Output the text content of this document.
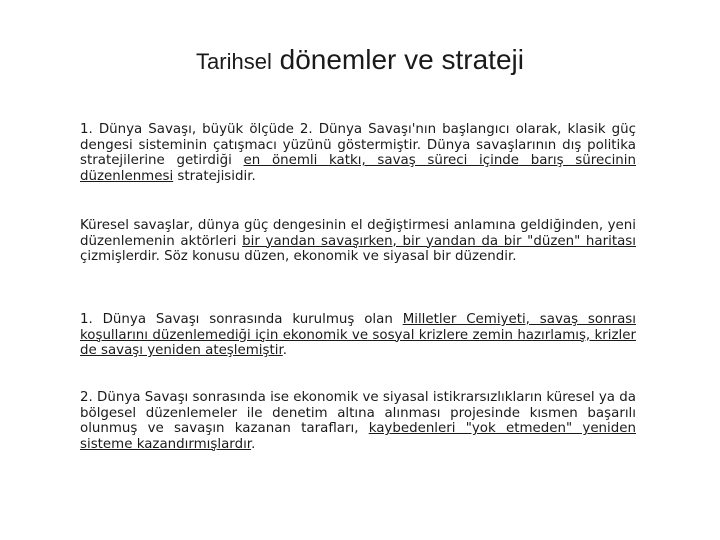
Tarihsel dönemler ve strateji
1. Dünya Savaşı, büyük ölçüde 2. Dünya Savaşı'nın başlangıcı olarak, klasik güç dengesi sisteminin çatışmacı yüzünü göstermiştir. Dünya savaşlarının dış politika stratejilerine getirdiği en önemli katkı, savaş süreci içinde barış sürecinin düzenlenmesi stratejisidir.
Küresel savaşlar, dünya güç dengesinin el değiştirmesi anlamına geldiğinden, yeni düzenlemenin aktörleri bir yandan savaşırken, bir yandan da bir "düzen" haritası çizmişlerdir. Söz konusu düzen, ekonomik ve siyasal bir düzendir.
1. Dünya Savaşı sonrasında kurulmuş olan Milletler Cemiyeti, savaş sonrası koşullarını düzenlemediği için ekonomik ve sosyal krizlere zemin hazırlamış, krizler de savaşı yeniden ateşlemiştir.
2. Dünya Savaşı sonrasında ise ekonomik ve siyasal istikrarsızlıkların küresel ya da bölgesel düzenlemeler ile denetim altına alınması projesinde kısmen başarılı olunmuş ve savaşın kazanan tarafları, kaybedenleri "yok etmeden" yeniden sisteme kazandırmışlardır.
